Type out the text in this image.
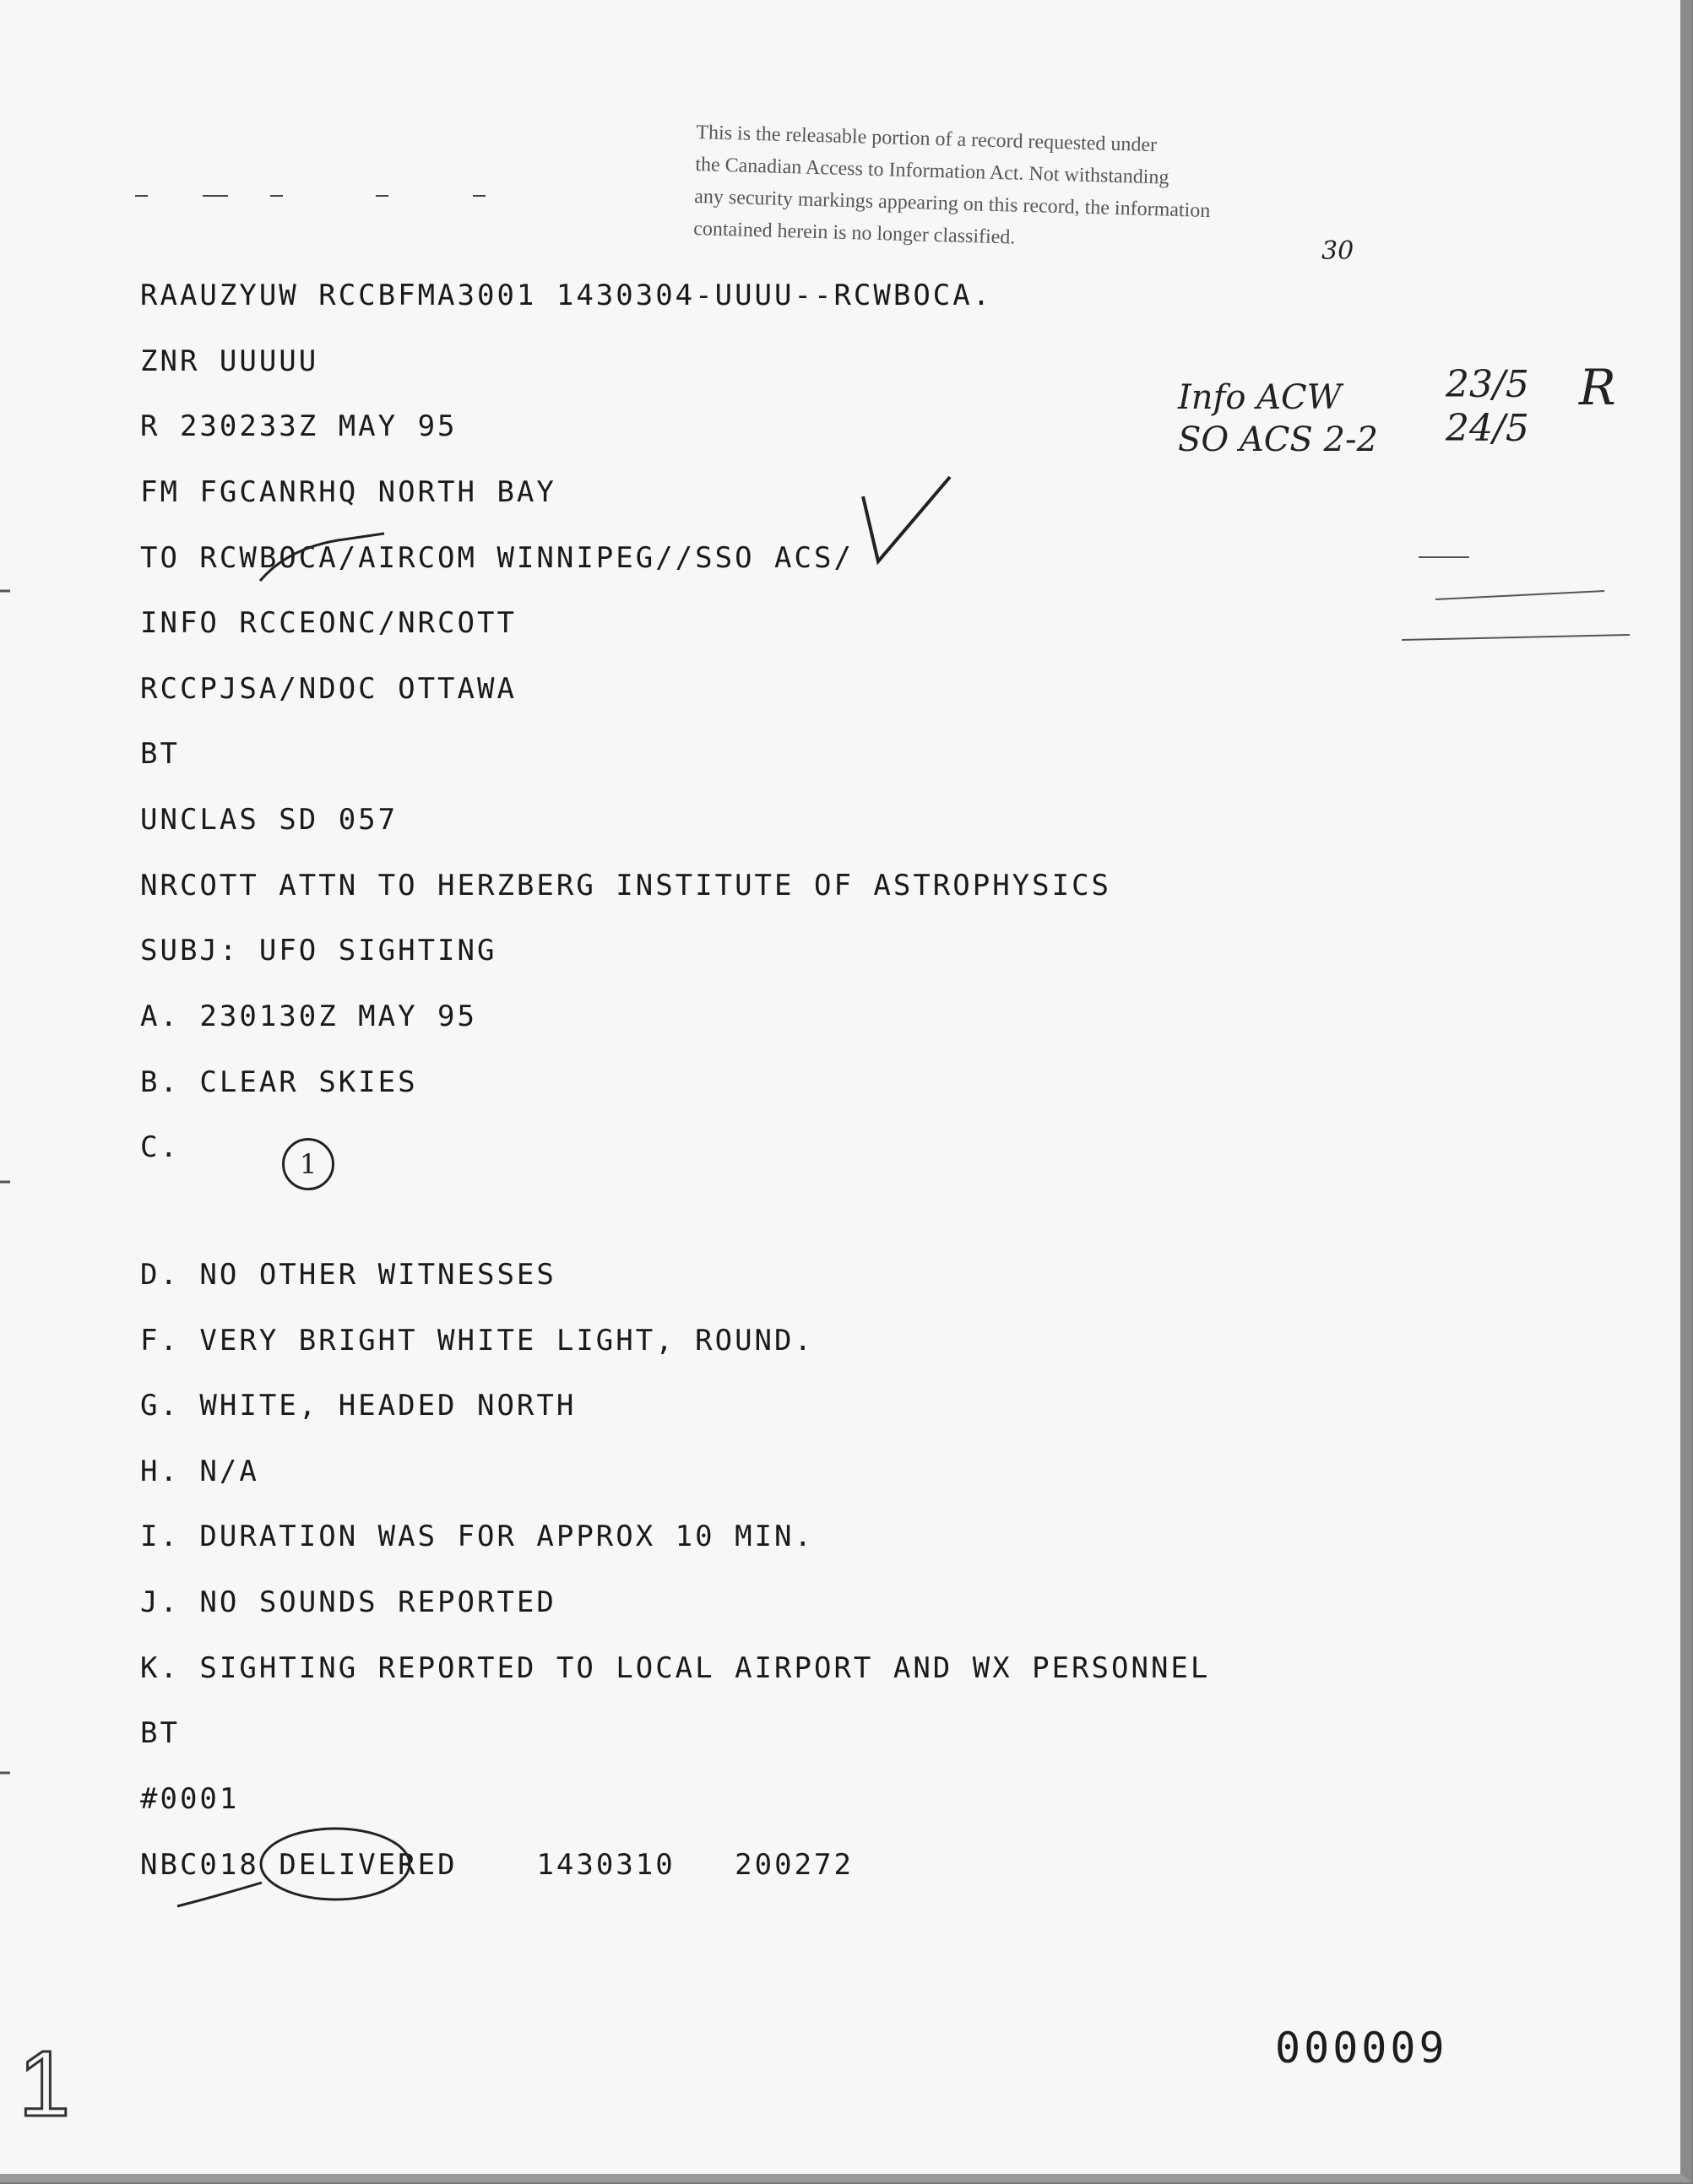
This is the releasable portion of a record requested under
the Canadian Access to Information Act. Not withstanding
any security markings appearing on this record, the information
contained herein is no longer classified.
30
RAAUZYUW RCCBFMA3001 1430304-UUUU--RCWBOCA.
ZNR UUUUU
R 230233Z MAY 95
FM FGCANRHQ NORTH BAY
TO RCWBOCA/AIRCOM WINNIPEG//SSO ACS/
INFO RCCEONC/NRCOTT
RCCPJSA/NDOC OTTAWA
BT
UNCLAS SD 057
NRCOTT ATTN TO HERZBERG INSTITUTE OF ASTROPHYSICS
SUBJ: UFO SIGHTING
A. 230130Z MAY 95
B. CLEAR SKIES
C.	1
D. NO OTHER WITNESSES
F. VERY BRIGHT WHITE LIGHT, ROUND.
G. WHITE, HEADED NORTH
H. N/A
I. DURATION WAS FOR APPROX 10 MIN.
J. NO SOUNDS REPORTED
K. SIGHTING REPORTED TO LOCAL AIRPORT AND WX PERSONNEL
BT
#0001
NBC018 DELIVERED	1430310 200272
Info ACW
SO ACS 2-2
23/5
24/5
R
000009
1
